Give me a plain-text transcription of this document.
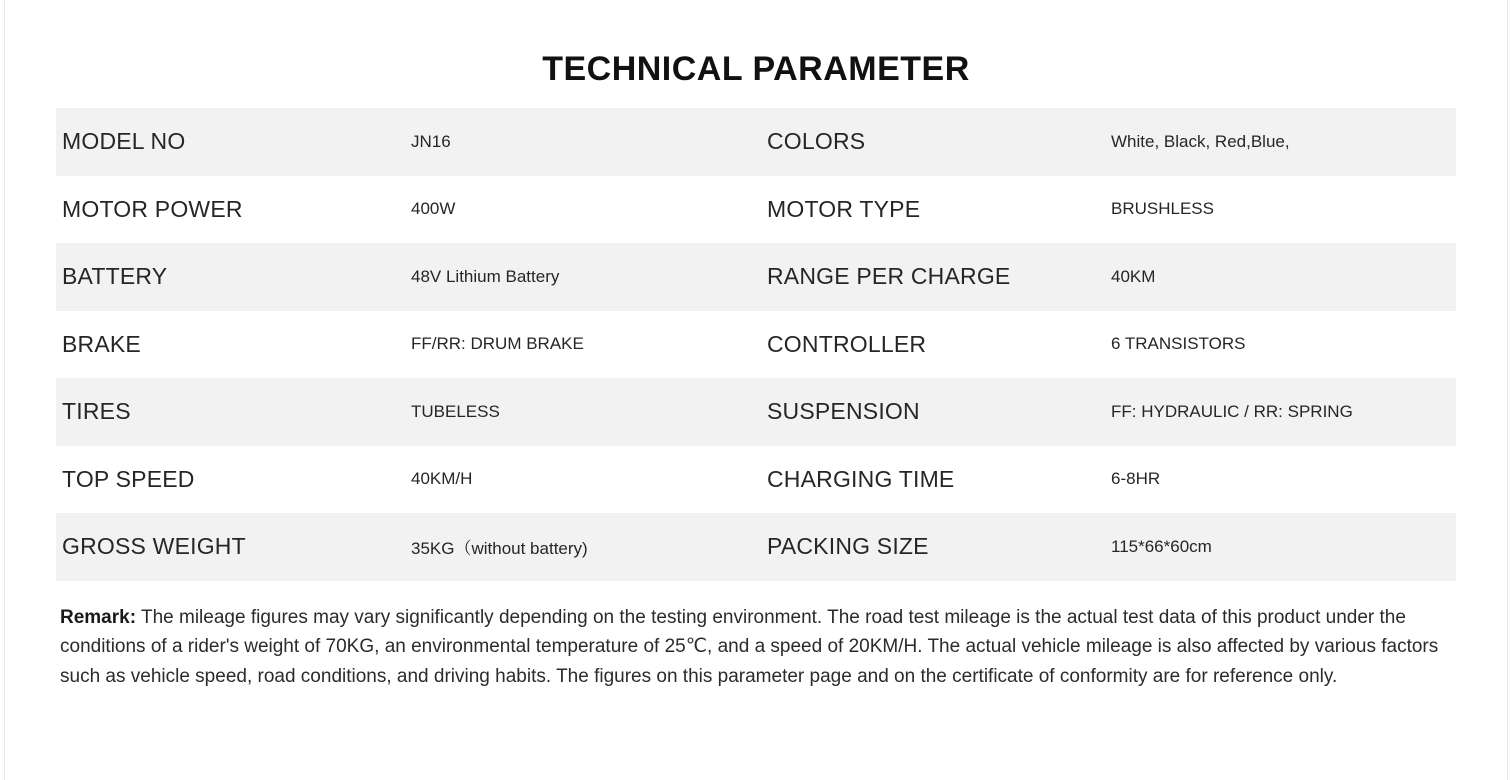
TECHNICAL PARAMETER
MODEL NO	JN16	COLORS	White, Black, Red,Blue,
MOTOR POWER	400W	MOTOR TYPE	BRUSHLESS
BATTERY	48V Lithium Battery	RANGE PER CHARGE	40KM
BRAKE	FF/RR: DRUM BRAKE	CONTROLLER	6 TRANSISTORS
TIRES	TUBELESS	SUSPENSION	FF: HYDRAULIC / RR: SPRING
TOP SPEED	40KM/H	CHARGING TIME	6-8HR
GROSS WEIGHT	35KG（without battery)	PACKING SIZE	115*66*60cm

Remark: The mileage figures may vary significantly depending on the testing environment. The road test mileage is the actual test data of this product under the conditions of a rider's weight of 70KG, an environmental temperature of 25℃, and a speed of 20KM/H. The actual vehicle mileage is also affected by various factors such as vehicle speed, road conditions, and driving habits. The figures on this parameter page and on the certificate of conformity are for reference only.
